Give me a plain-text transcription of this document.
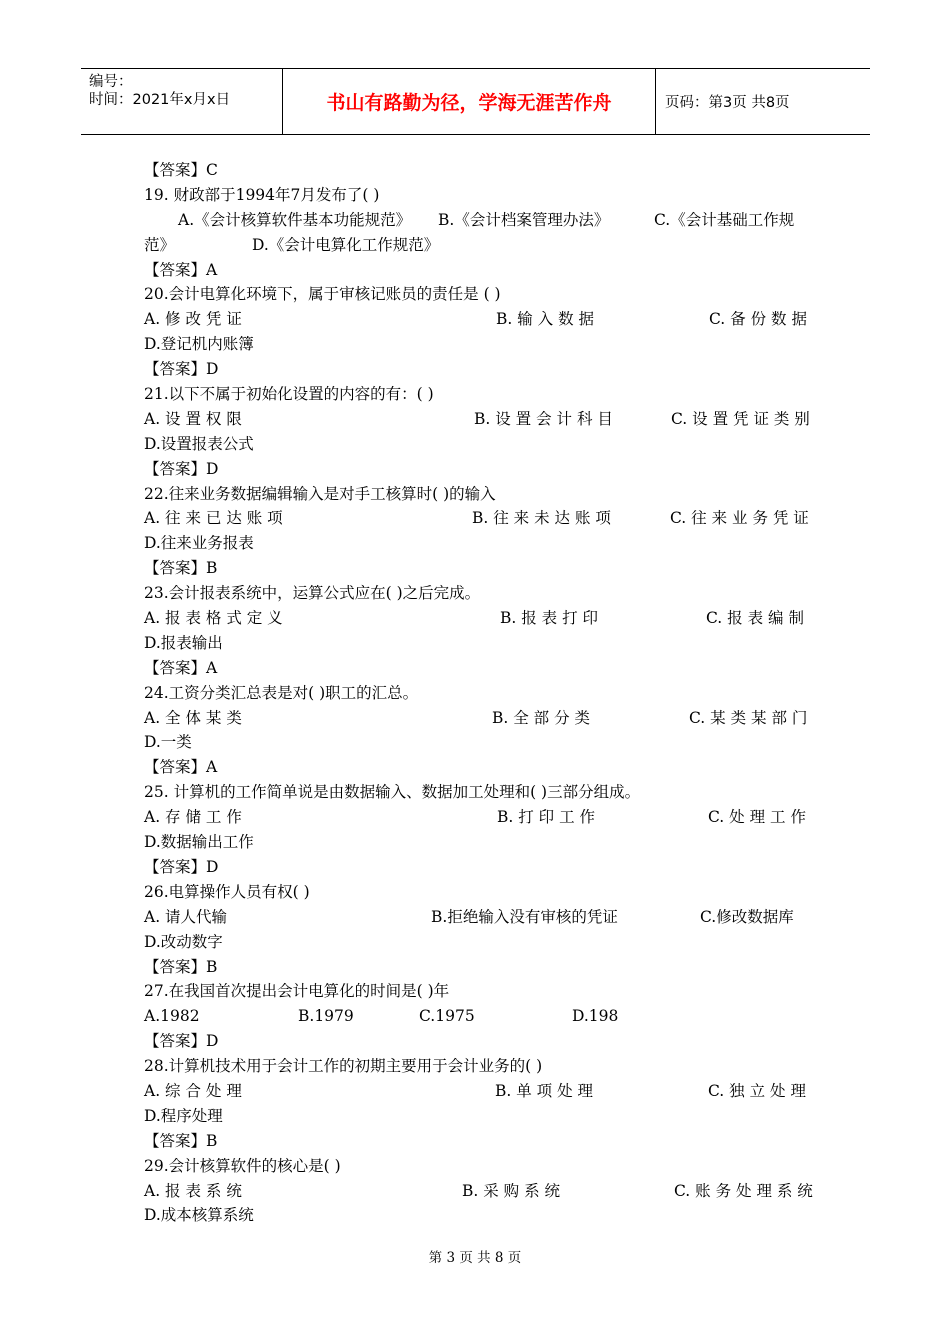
编号：
时间：2021年x月x日	书山有路勤为径，学海无涯苦作舟	页码：第3页 共8页
【答案】C
19. 财政部于1994年7月发布了( )
A.《会计核算软件基本功能规范》 B.《会计档案管理办法》	C.《会计基础工作规
范》	D.《会计电算化工作规范》
【答案】A
20.会计电算化环境下，属于审核记账员的责任是 ( )
A. 修 改 凭 证	B. 输 入 数 据	C. 备 份 数 据
D.登记机内账簿
【答案】D
21.以下不属于初始化设置的内容的有：( )
A. 设 置 权 限	B. 设 置 会 计 科 目	C. 设 置 凭 证 类 别
D.设置报表公式
【答案】D
22.往来业务数据编辑输入是对手工核算时( )的输入
A. 往 来 已 达 账 项	B. 往 来 未 达 账 项	C. 往 来 业 务 凭 证
D.往来业务报表
【答案】B
23.会计报表系统中，运算公式应在( )之后完成。
A. 报 表 格 式 定 义	B. 报 表 打 印	C. 报 表 编 制
D.报表输出
【答案】A
24.工资分类汇总表是对( )职工的汇总。
A. 全 体 某 类	B. 全 部 分 类	C. 某 类 某 部 门
D.一类
【答案】A
25. 计算机的工作简单说是由数据输入、数据加工处理和( )三部分组成。
A. 存 储 工 作	B. 打 印 工 作	C. 处 理 工 作
D.数据输出工作
【答案】D
26.电算操作人员有权( )
A. 请人代输	B.拒绝输入没有审核的凭证	C.修改数据库
D.改动数字
【答案】B
27.在我国首次提出会计电算化的时间是( )年
A.1982	B.1979	C.1975	D.198
【答案】D
28.计算机技术用于会计工作的初期主要用于会计业务的( )
A. 综 合 处 理	B. 单 项 处 理	C. 独 立 处 理
D.程序处理
【答案】B
29.会计核算软件的核心是( )
A. 报 表 系 统	B. 采 购 系 统	C. 账 务 处 理 系 统
D.成本核算系统
第 3 页 共 8 页
